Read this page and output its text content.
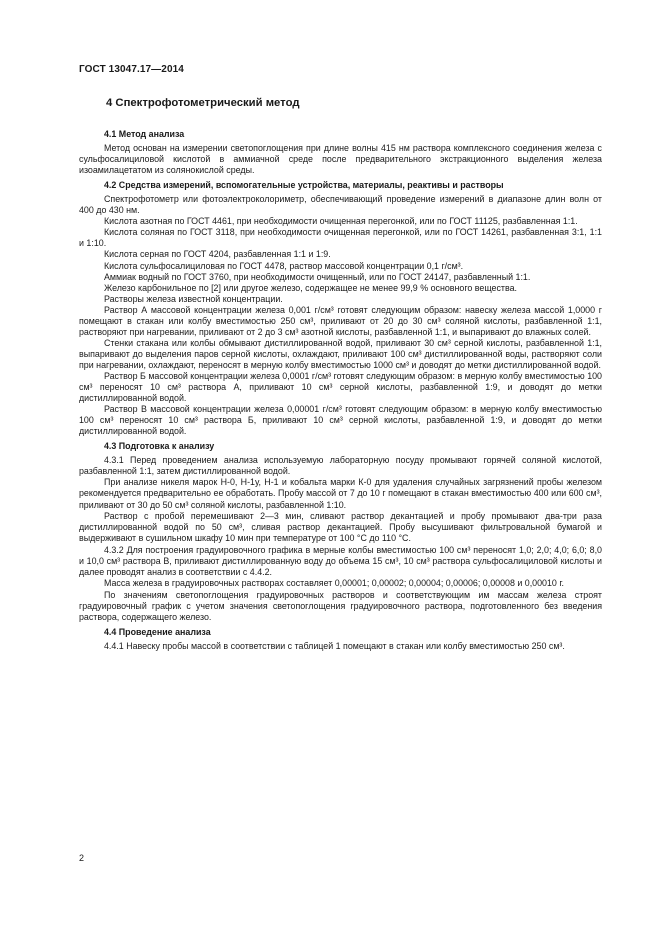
ГОСТ 13047.17—2014
4 Спектрофотометрический метод

4.1 Метод анализа

Метод основан на измерении светопоглощения при длине волны 415 нм раствора комплексного соединения железа с сульфосалициловой кислотой в аммиачной среде после предварительного экстракционного выделения железа изоамилацетатом из солянокислой среды.

4.2 Средства измерений, вспомогательные устройства, материалы, реактивы и растворы

Спектрофотометр или фотоэлектроколориметр, обеспечивающий проведение измерений в диапазоне длин волн от 400 до 430 нм.

Кислота азотная по ГОСТ 4461, при необходимости очищенная перегонкой, или по ГОСТ 11125, разбавленная 1:1.

Кислота соляная по ГОСТ 3118, при необходимости очищенная перегонкой, или по ГОСТ 14261, разбавленная 3:1, 1:1 и 1:10.

Кислота серная по ГОСТ 4204, разбавленная 1:1 и 1:9.

Кислота сульфосалициловая по ГОСТ 4478, раствор массовой концентрации 0,1 г/см³.

Аммиак водный по ГОСТ 3760, при необходимости очищенный, или по ГОСТ 24147, разбавленный 1:1.

Железо карбонильное по [2] или другое железо, содержащее не менее 99,9 % основного вещества.

Растворы железа известной концентрации.

Раствор А массовой концентрации железа 0,001 г/см³ готовят следующим образом: навеску железа массой 1,0000 г помещают в стакан или колбу вместимостью 250 см³, приливают от 20 до 30 см³ соляной кислоты, разбавленной 1:1, растворяют при нагревании, приливают от 2 до 3 см³ азотной кислоты, разбавленной 1:1, и выпаривают до влажных солей.

Стенки стакана или колбы обмывают дистиллированной водой, приливают 30 см³ серной кислоты, разбавленной 1:1, выпаривают до выделения паров серной кислоты, охлаждают, приливают 100 см³ дистиллированной воды, растворяют соли при нагревании, охлаждают, переносят в мерную колбу вместимостью 1000 см³ и доводят до метки дистиллированной водой.

Раствор Б массовой концентрации железа 0,0001 г/см³ готовят следующим образом: в мерную колбу вместимостью 100 см³ переносят 10 см³ раствора А, приливают 10 см³ серной кислоты, разбавленной 1:9, и доводят до метки дистиллированной водой.

Раствор В массовой концентрации железа 0,00001 г/см³ готовят следующим образом: в мерную колбу вместимостью 100 см³ переносят 10 см³ раствора Б, приливают 10 см³ серной кислоты, разбавленной 1:9, и доводят до метки дистиллированной водой.

4.3 Подготовка к анализу

4.3.1 Перед проведением анализа используемую лабораторную посуду промывают горячей соляной кислотой, разбавленной 1:1, затем дистиллированной водой.

При анализе никеля марок Н-0, Н-1у, Н-1 и кобальта марки К-0 для удаления случайных загрязнений пробы железом рекомендуется предварительно ее обработать. Пробу массой от 7 до 10 г помещают в стакан вместимостью 400 или 600 см³, приливают от 30 до 50 см³ соляной кислоты, разбавленной 1:10.

Раствор с пробой перемешивают 2—3 мин, сливают раствор декантацией и пробу промывают два-три раза дистиллированной водой по 50 см³, сливая раствор декантацией. Пробу высушивают фильтровальной бумагой и выдерживают в сушильном шкафу 10 мин при температуре от 100 °С до 110 °С.

4.3.2 Для построения градуировочного графика в мерные колбы вместимостью 100 см³ переносят 1,0; 2,0; 4,0; 6,0; 8,0 и 10,0 см³ раствора В, приливают дистиллированную воду до объема 15 см³, 10 см³ раствора сульфосалициловой кислоты и далее проводят анализ в соответствии с 4.4.2.

Масса железа в градуировочных растворах составляет 0,00001; 0,00002; 0,00004; 0,00006; 0,00008 и 0,00010 г.

По значениям светопоглощения градуировочных растворов и соответствующим им массам железа строят градуировочный график с учетом значения светопоглощения градуировочного раствора, подготовленного без введения раствора, содержащего железо.

4.4 Проведение анализа

4.4.1 Навеску пробы массой в соответствии с таблицей 1 помещают в стакан или колбу вместимостью 250 см³.

2
